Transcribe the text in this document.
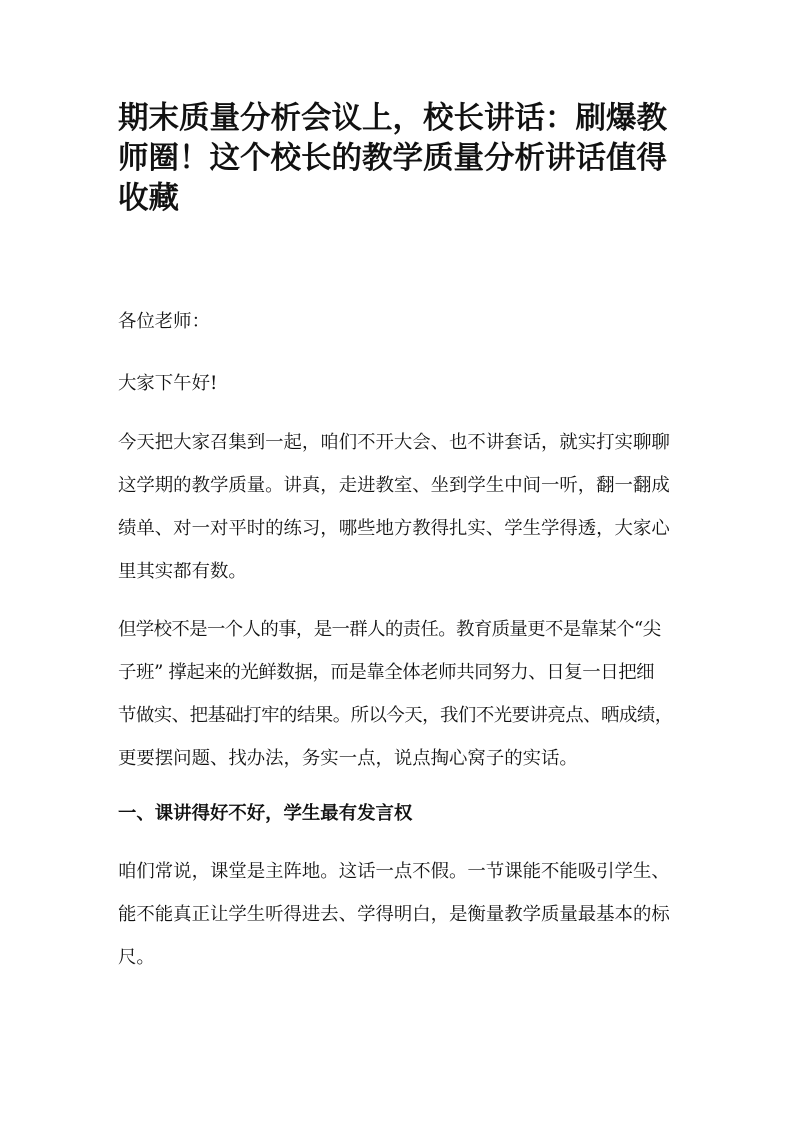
期末质量分析会议上，校长讲话：刷爆教
师圈！这个校长的教学质量分析讲话值得
收藏
各位老师：
大家下午好!
今天把大家召集到一起，咱们不开大会、也不讲套话，就实打实聊聊
这学期的教学质量。讲真，走进教室、坐到学生中间一听，翻一翻成
绩单、对一对平时的练习，哪些地方教得扎实、学生学得透，大家心
里其实都有数。
但学校不是一个人的事，是一群人的责任。教育质量更不是靠某个“尖
子班” 撑起来的光鲜数据，而是靠全体老师共同努力、日复一日把细
节做实、把基础打牢的结果。所以今天，我们不光要讲亮点、晒成绩，
更要摆问题、找办法，务实一点，说点掏心窝子的实话。
一、课讲得好不好，学生最有发言权
咱们常说，课堂是主阵地。这话一点不假。一节课能不能吸引学生、
能不能真正让学生听得进去、学得明白，是衡量教学质量最基本的标
尺。
